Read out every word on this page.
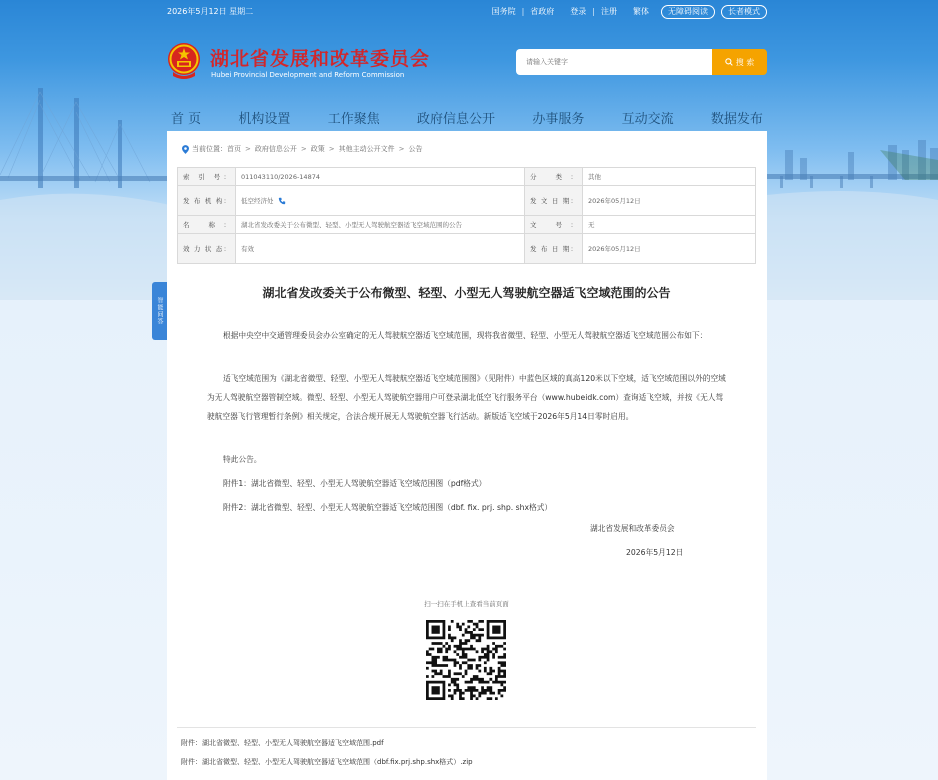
2026年5月12日 星期二	国务院 | 省政府 登录 | 注册 繁体	无障碍阅读	长者模式
湖北省发展和改革委员会
Hubei Provincial Development and Reform Commission
请输入关键字
搜 索
首 页	机构设置	工作聚焦	政府信息公开	办事服务	互动交流	数据发布
智能问答
当前位置： 首页 > 政府信息公开 > 政策 > 其他主动公开文件 > 公告
索 引 号：	011043110/2026-14874	分 类：	其他
发 布 机 构：	低空经济处	发 文 日 期：	2026年05月12日
名 称：	湖北省发改委关于公布微型、轻型、小型无人驾驶航空器适飞空域范围的公告	文 号：	无
效 力 状 态：	有效	发 布 日 期：	2026年05月12日
湖北省发改委关于公布微型、轻型、小型无人驾驶航空器适飞空域范围的公告

根据中央空中交通管理委员会办公室确定的无人驾驶航空器适飞空域范围，现将我省微型、轻型、小型无人驾驶航空器适飞空域范围公布如下：

适飞空域范围为《湖北省微型、轻型、小型无人驾驶航空器适飞空域范围图》（见附件）中蓝色区域的真高120米以下空域，适飞空域范围以外的空域为无人驾驶航空器管制空域。微型、轻型、小型无人驾驶航空器用户可登录湖北低空飞行服务平台（www.hubeidk.com）查询适飞空域，并按《无人驾驶航空器飞行管理暂行条例》相关规定，合法合规开展无人驾驶航空器飞行活动。新版适飞空域于2026年5月14日零时启用。

特此公告。

附件1：湖北省微型、轻型、小型无人驾驶航空器适飞空域范围图（pdf格式）

附件2：湖北省微型、轻型、小型无人驾驶航空器适飞空域范围图（dbf. fix. prj. shp. shx格式）

湖北省发展和改革委员会
2026年5月12日
扫一扫在手机上查看当前页面
附件：湖北省微型、轻型、小型无人驾驶航空器适飞空域范围.pdf
附件：湖北省微型、轻型、小型无人驾驶航空器适飞空域范围（dbf.fix.prj.shp.shx格式）.zip
